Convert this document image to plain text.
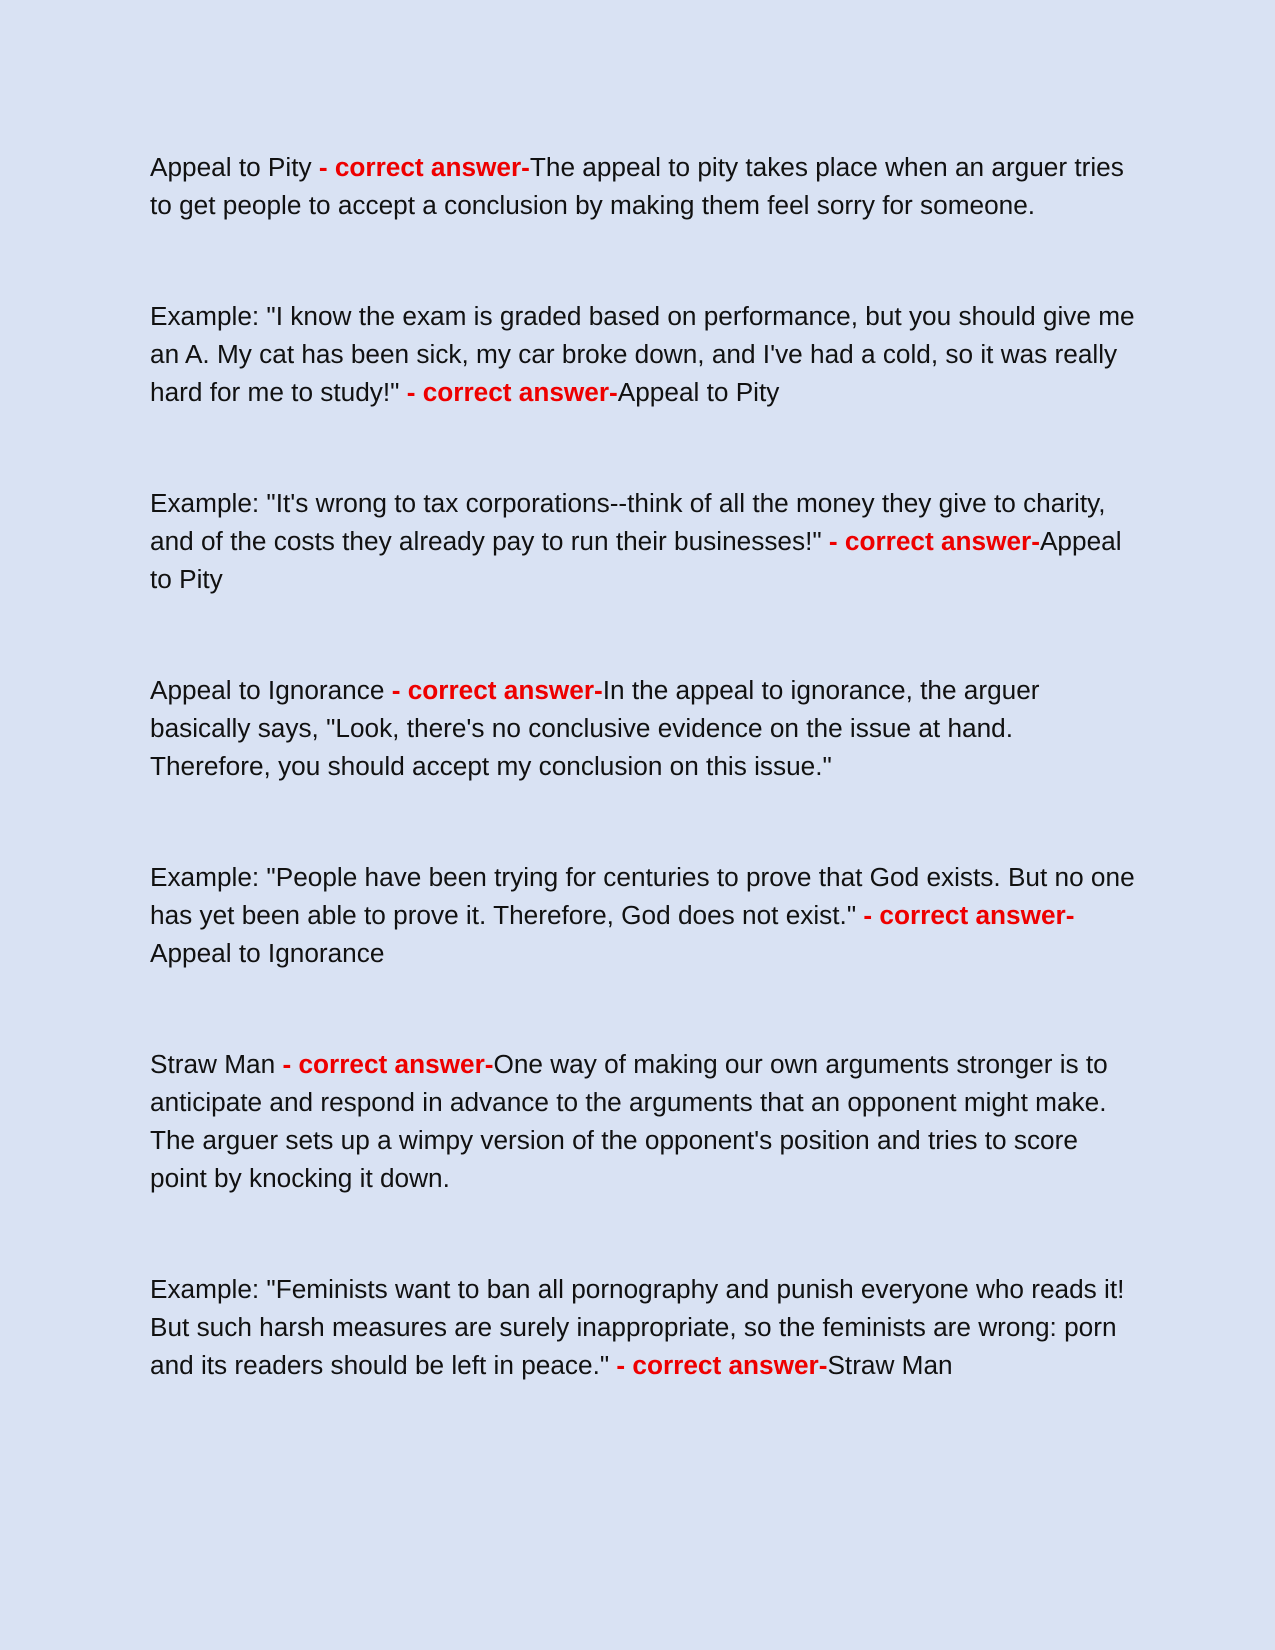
Appeal to Pity - correct answer-The appeal to pity takes place when an arguer tries to get people to accept a conclusion by making them feel sorry for someone.

Example: "I know the exam is graded based on performance, but you should give me an A. My cat has been sick, my car broke down, and I've had a cold, so it was really hard for me to study!" - correct answer-Appeal to Pity

Example: "It's wrong to tax corporations--think of all the money they give to charity, and of the costs they already pay to run their businesses!" - correct answer-Appeal to Pity

Appeal to Ignorance - correct answer-In the appeal to ignorance, the arguer basically says, "Look, there's no conclusive evidence on the issue at hand. Therefore, you should accept my conclusion on this issue."

Example: "People have been trying for centuries to prove that God exists. But no one has yet been able to prove it. Therefore, God does not exist." - correct answer-Appeal to Ignorance

Straw Man - correct answer-One way of making our own arguments stronger is to anticipate and respond in advance to the arguments that an opponent might make. The arguer sets up a wimpy version of the opponent's position and tries to score point by knocking it down.

Example: "Feminists want to ban all pornography and punish everyone who reads it! But such harsh measures are surely inappropriate, so the feminists are wrong: porn and its readers should be left in peace." - correct answer-Straw Man
